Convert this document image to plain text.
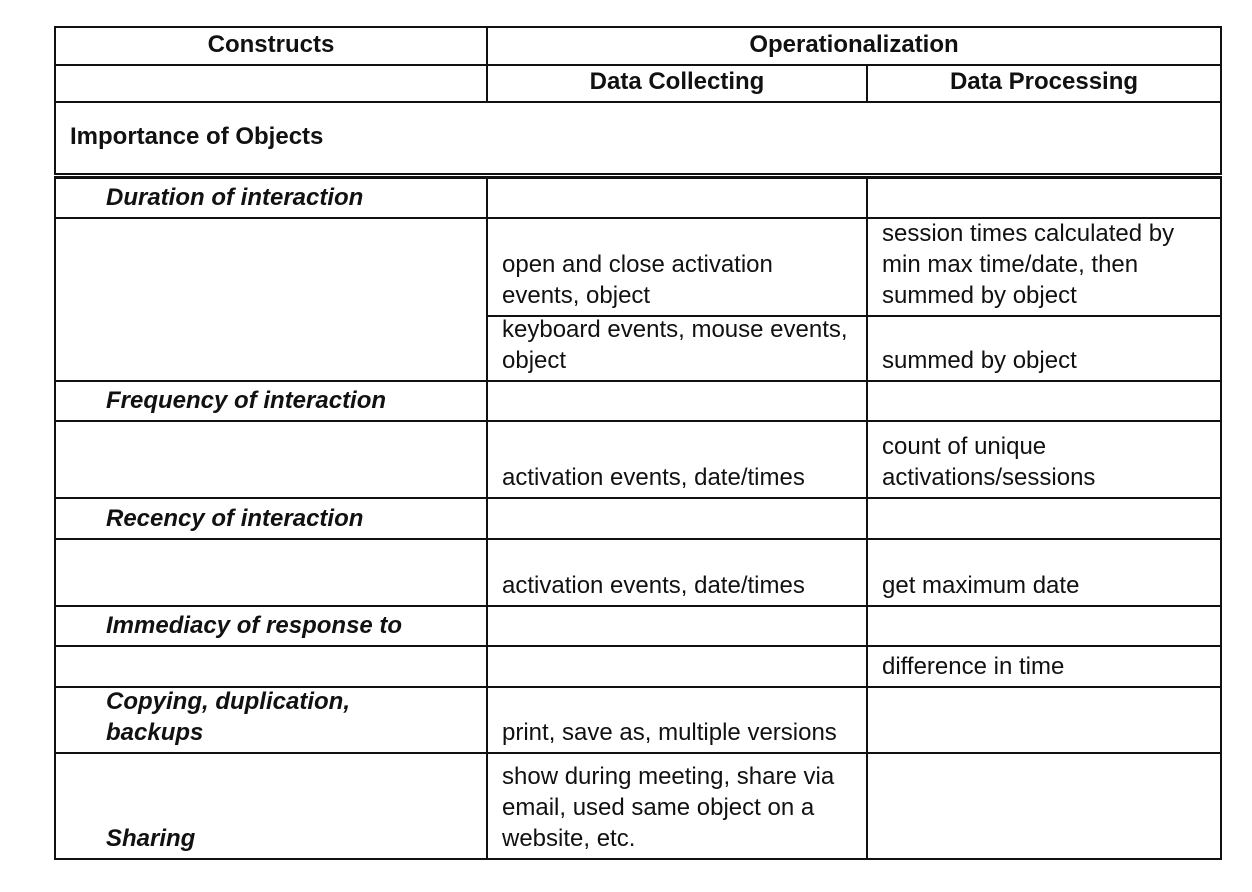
Constructs	Operationalization
Data Collecting	Data Processing
Importance of Objects
Duration of interaction
open and close activation events, object
session times calculated by min max time/date, then summed by object
keyboard events, mouse events, object	summed by object
Frequency of interaction
activation events, date/times
count of unique activations/sessions
Recency of interaction
activation events, date/times	get maximum date
Immediacy of response to
difference in time
Copying, duplication, backups	print, save as, multiple versions
Sharing
show during meeting, share via email, used same object on a website, etc.
